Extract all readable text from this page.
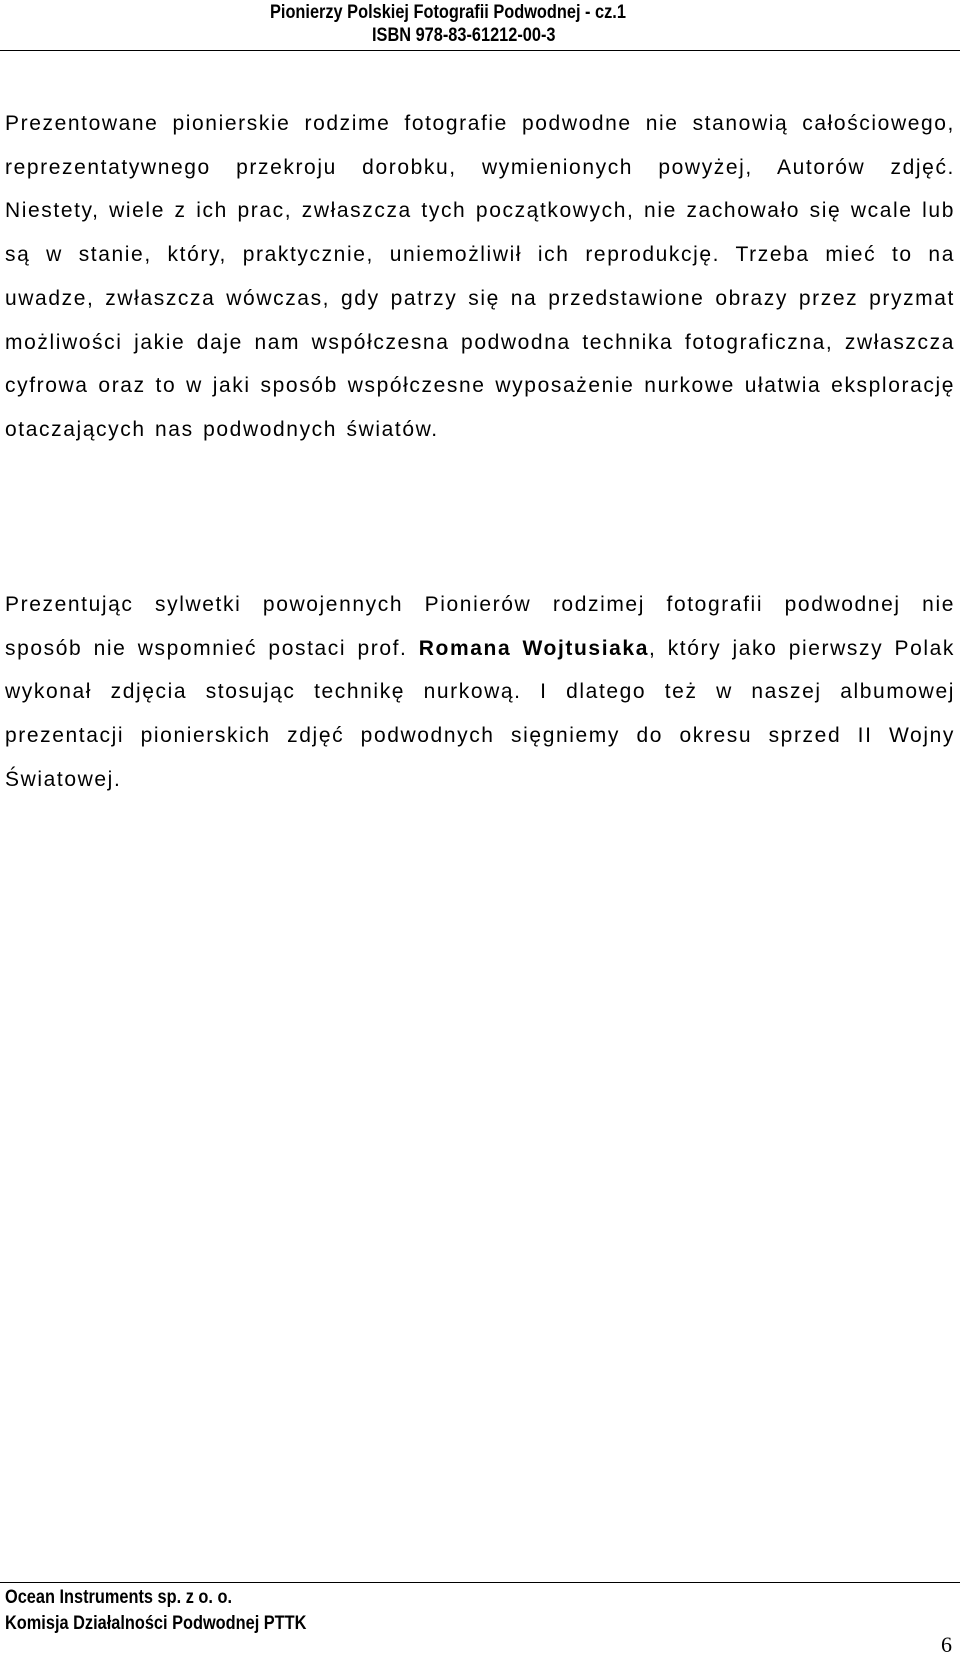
Pionierzy Polskiej Fotografii Podwodnej - cz.1
ISBN 978-83-61212-00-3

Prezentowane pionierskie rodzime fotografie podwodne nie stanowią całościowego, reprezentatywnego przekroju dorobku, wymienionych powyżej, Autorów zdjęć. Niestety, wiele z ich prac, zwłaszcza tych początkowych, nie zachowało się wcale lub są w stanie, który, praktycznie, uniemożliwił ich reprodukcję. Trzeba mieć to na uwadze, zwłaszcza wówczas, gdy patrzy się na przedstawione obrazy przez pryzmat możliwości jakie daje nam współczesna podwodna technika fotograficzna, zwłaszcza cyfrowa oraz to w jaki sposób współczesne wyposażenie nurkowe ułatwia eksplorację otaczających nas podwodnych światów.

Prezentując sylwetki powojennych Pionierów rodzimej fotografii podwodnej nie sposób nie wspomnieć postaci prof. Romana Wojtusiaka, który jako pierwszy Polak wykonał zdjęcia stosując technikę nurkową. I dlatego też w naszej albumowej prezentacji pionierskich zdjęć podwodnych sięgniemy do okresu sprzed II Wojny Światowej.

Ocean Instruments sp. z o. o.
Komisja Działalności Podwodnej PTTK
6
